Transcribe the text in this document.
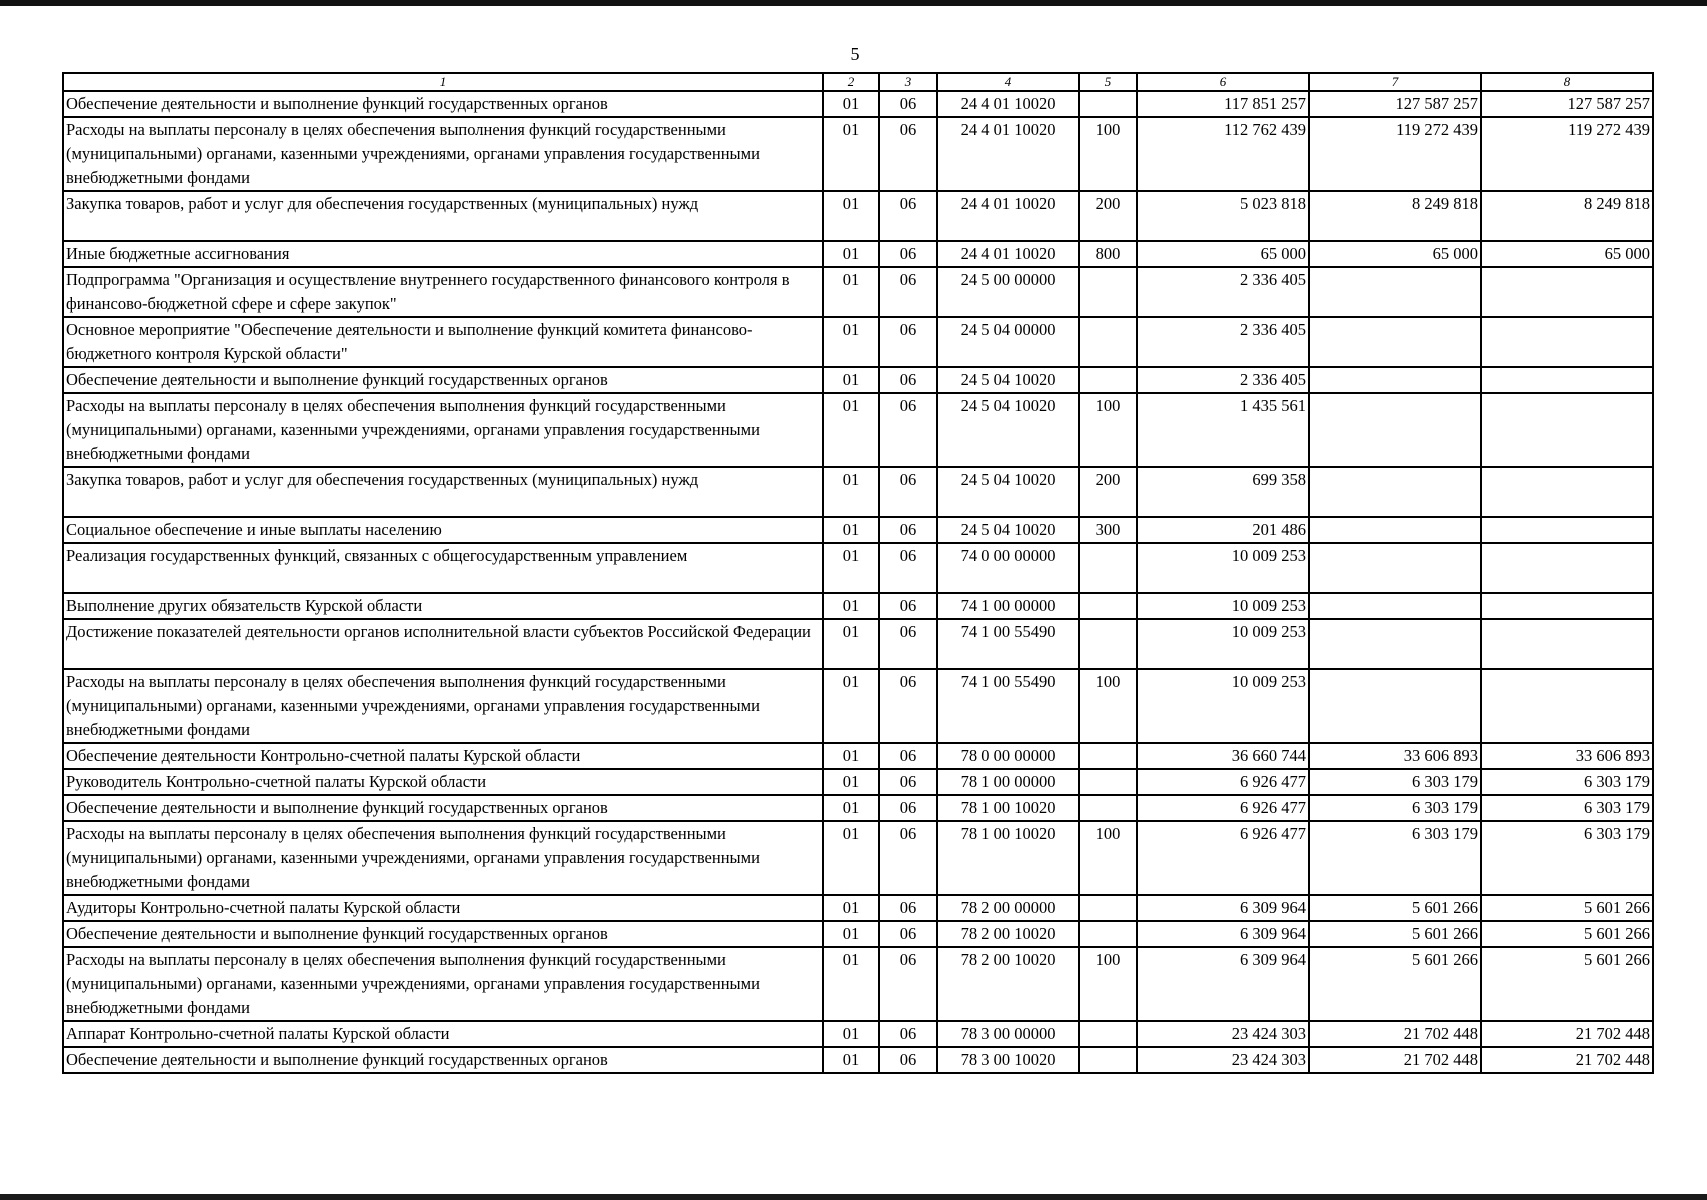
5
1	2	3	4	5	6	7	8
Обеспечение деятельности и выполнение функций государственных органов	01	06	24 4 01 10020		117 851 257	127 587 257	127 587 257
Расходы на выплаты персоналу в целях обеспечения выполнения функций государственными (муниципальными) органами, казенными учреждениями, органами управления государственными внебюджетными фондами	01	06	24 4 01 10020	100	112 762 439	119 272 439	119 272 439
Закупка товаров, работ и услуг для обеспечения государственных (муниципальных) нужд	01	06	24 4 01 10020	200	5 023 818	8 249 818	8 249 818
Иные бюджетные ассигнования	01	06	24 4 01 10020	800	65 000	65 000	65 000
Подпрограмма "Организация и осуществление внутреннего государственного финансового контроля в финансово-бюджетной сфере и сфере закупок"	01	06	24 5 00 00000		2 336 405		
Основное мероприятие "Обеспечение деятельности и выполнение функций комитета финансово-бюджетного контроля Курской области"	01	06	24 5 04 00000		2 336 405		
Обеспечение деятельности и выполнение функций государственных органов	01	06	24 5 04 10020		2 336 405		
Расходы на выплаты персоналу в целях обеспечения выполнения функций государственными (муниципальными) органами, казенными учреждениями, органами управления государственными внебюджетными фондами	01	06	24 5 04 10020	100	1 435 561		
Закупка товаров, работ и услуг для обеспечения государственных (муниципальных) нужд	01	06	24 5 04 10020	200	699 358		
Социальное обеспечение и иные выплаты населению	01	06	24 5 04 10020	300	201 486		
Реализация государственных функций, связанных с общегосударственным управлением	01	06	74 0 00 00000		10 009 253		
Выполнение других обязательств Курской области	01	06	74 1 00 00000		10 009 253		
Достижение показателей деятельности органов исполнительной власти субъектов Российской Федерации	01	06	74 1 00 55490		10 009 253		
Расходы на выплаты персоналу в целях обеспечения выполнения функций государственными (муниципальными) органами, казенными учреждениями, органами управления государственными внебюджетными фондами	01	06	74 1 00 55490	100	10 009 253		
Обеспечение деятельности Контрольно-счетной палаты Курской области	01	06	78 0 00 00000		36 660 744	33 606 893	33 606 893
Руководитель Контрольно-счетной палаты Курской области	01	06	78 1 00 00000		6 926 477	6 303 179	6 303 179
Обеспечение деятельности и выполнение функций государственных органов	01	06	78 1 00 10020		6 926 477	6 303 179	6 303 179
Расходы на выплаты персоналу в целях обеспечения выполнения функций государственными (муниципальными) органами, казенными учреждениями, органами управления государственными внебюджетными фондами	01	06	78 1 00 10020	100	6 926 477	6 303 179	6 303 179
Аудиторы Контрольно-счетной палаты Курской области	01	06	78 2 00 00000		6 309 964	5 601 266	5 601 266
Обеспечение деятельности и выполнение функций государственных органов	01	06	78 2 00 10020		6 309 964	5 601 266	5 601 266
Расходы на выплаты персоналу в целях обеспечения выполнения функций государственными (муниципальными) органами, казенными учреждениями, органами управления государственными внебюджетными фондами	01	06	78 2 00 10020	100	6 309 964	5 601 266	5 601 266
Аппарат Контрольно-счетной палаты Курской области	01	06	78 3 00 00000		23 424 303	21 702 448	21 702 448
Обеспечение деятельности и выполнение функций государственных органов	01	06	78 3 00 10020		23 424 303	21 702 448	21 702 448
